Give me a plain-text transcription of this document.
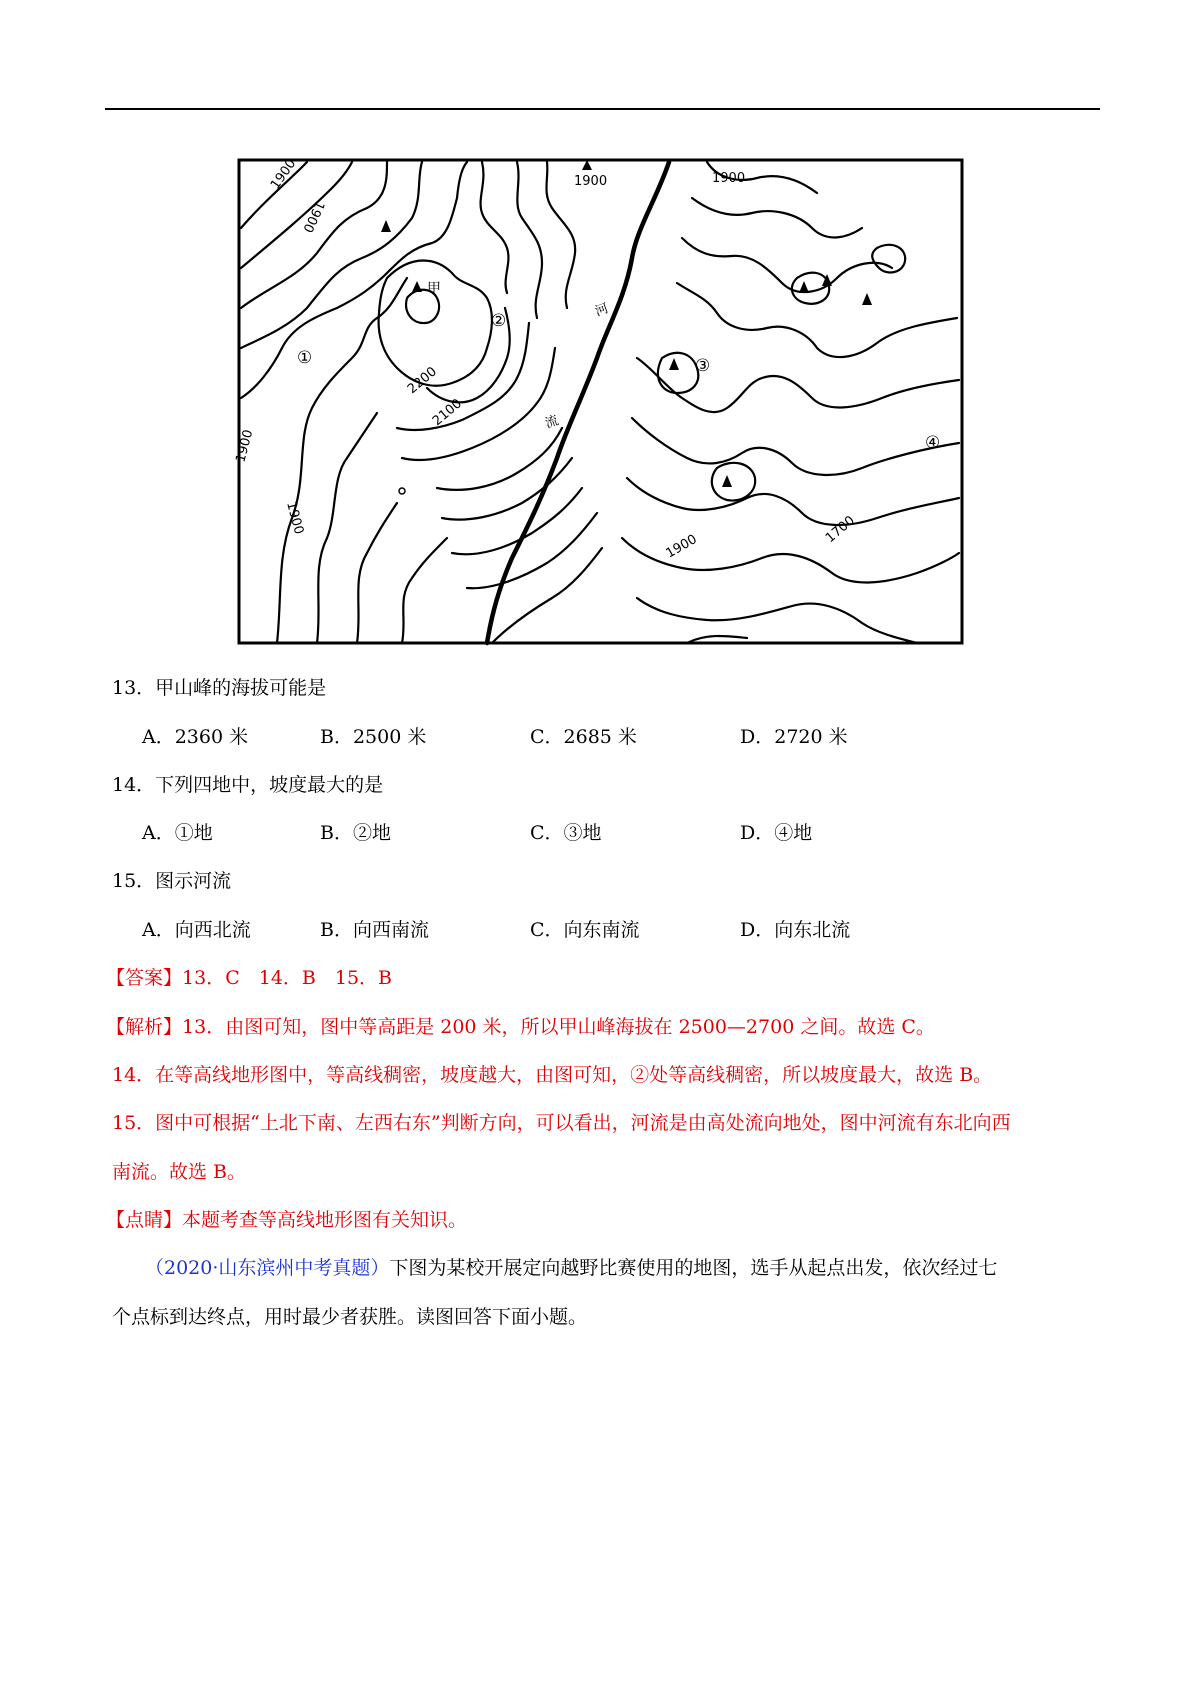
1900
1900
1900	1900
1900
1900
1900
2200
2100
1700
甲
①
②
③
④
河
流
13．甲山峰的海拔可能是
A．2360 米	B．2500 米	C．2685 米	D．2720 米
14．下列四地中，坡度最大的是
A．①地	B．②地	C．③地	D．④地
15．图示河流
A．向西北流	B．向西南流	C．向东南流	D．向东北流
【答案】13．C　14．B　15．B
【解析】13．由图可知，图中等高距是 200 米，所以甲山峰海拔在 2500—2700 之间。故选 C。
14．在等高线地形图中，等高线稠密，坡度越大，由图可知，②处等高线稠密，所以坡度最大，故选 B。
15．图中可根据“上北下南、左西右东”判断方向，可以看出，河流是由高处流向地处，图中河流有东北向西
南流。故选 B。
【点睛】本题考查等高线地形图有关知识。
（2020·山东滨州中考真题）下图为某校开展定向越野比赛使用的地图，选手从起点出发，依次经过七
个点标到达终点，用时最少者获胜。读图回答下面小题。
